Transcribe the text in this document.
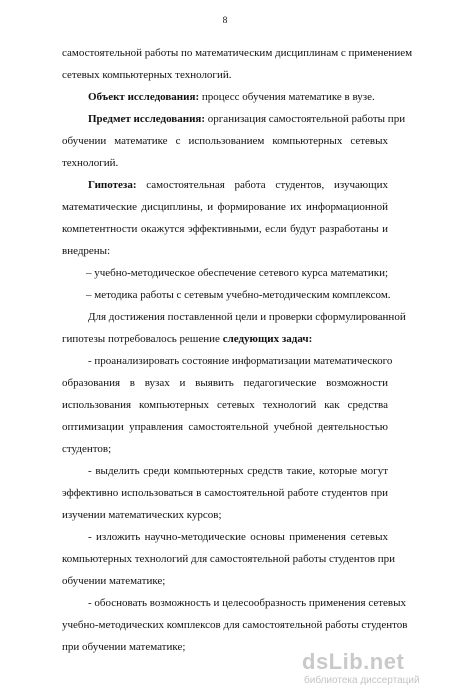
8
самостоятельной работы по математическим дисциплинам с применением
сетевых компьютерных технологий.
Объект исследования: процесс обучения математике в вузе.
Предмет исследования: организация самостоятельной работы при
обучении математике с использованием компьютерных сетевых
технологий.
Гипотеза: самостоятельная работа студентов, изучающих
математические дисциплины, и формирование их информационной
компетентности окажутся эффективными, если будут разработаны и
внедрены:
– учебно-методическое обеспечение сетевого курса математики;
– методика работы с сетевым учебно-методическим комплексом.
Для достижения поставленной цели и проверки сформулированной
гипотезы потребовалось решение следующих задач:
- проанализировать состояние информатизации математического
образования в вузах и выявить педагогические возможности
использования компьютерных сетевых технологий как средства
оптимизации управления самостоятельной учебной деятельностью
студентов;
- выделить среди компьютерных средств такие, которые могут
эффективно использоваться в самостоятельной работе студентов при
изучении математических курсов;
- изложить научно-методические основы применения сетевых
компьютерных технологий для самостоятельной работы студентов при
обучении математике;
- обосновать возможность и целесообразность применения сетевых
учебно-методических комплексов для самостоятельной работы студентов
при обучении математике;
dsLib.net
библиотека диссертаций
